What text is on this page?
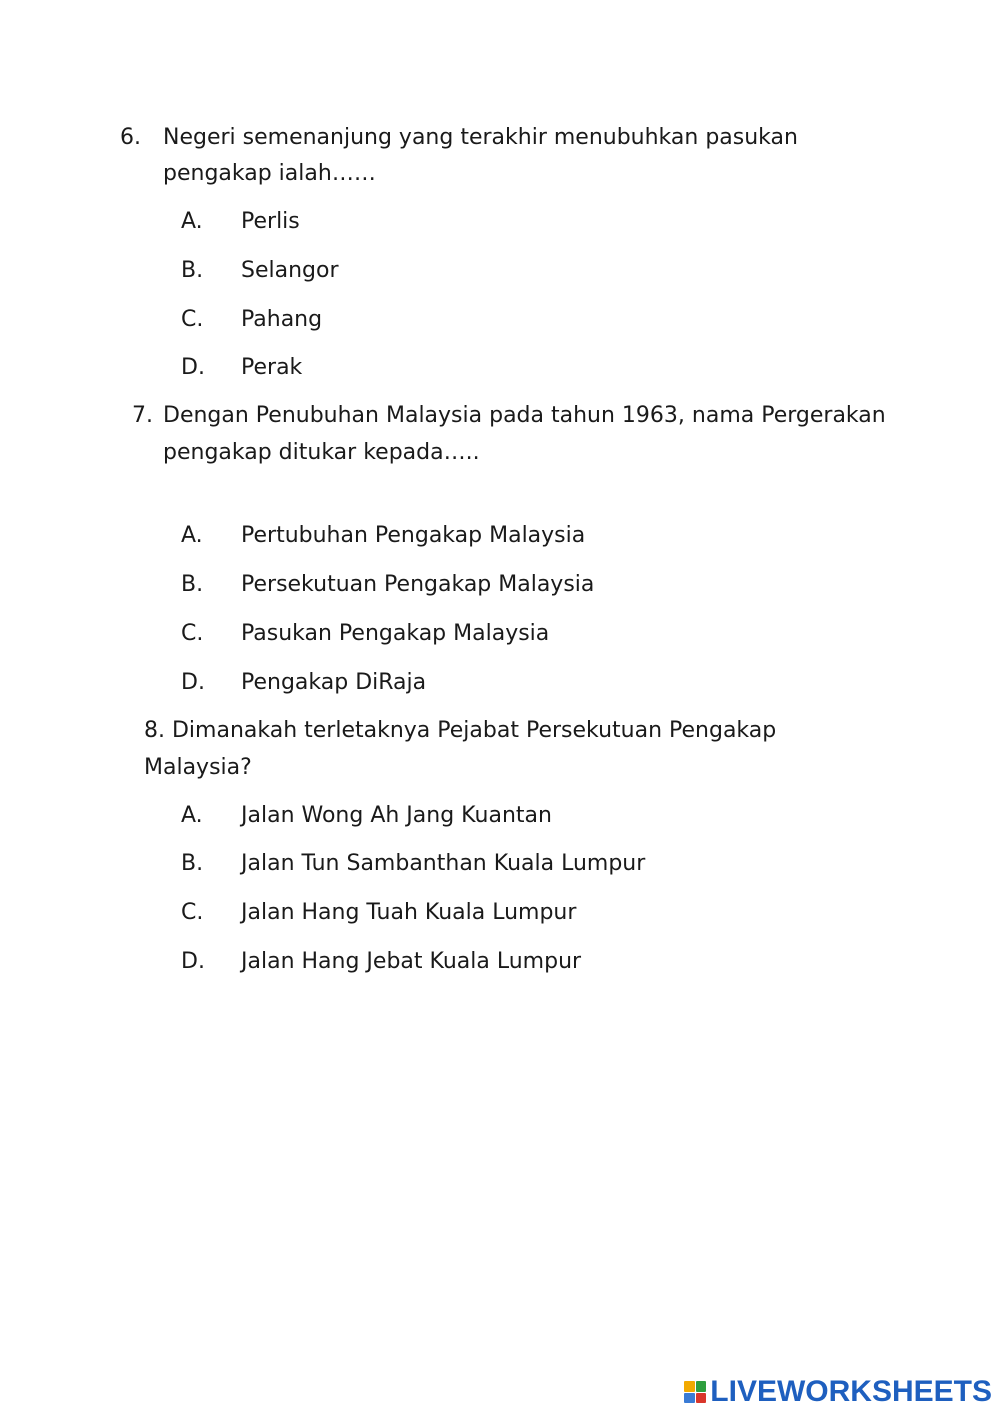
6. Negeri semenanjung yang terakhir menubuhkan pasukan
pengakap ialah……
A. Perlis
B. Selangor
C. Pahang
D. Perak
7. Dengan Penubuhan Malaysia pada tahun 1963, nama Pergerakan
pengakap ditukar kepada…..
A. Pertubuhan Pengakap Malaysia
B. Persekutuan Pengakap Malaysia
C. Pasukan Pengakap Malaysia
D. Pengakap DiRaja
8. Dimanakah terletaknya Pejabat Persekutuan Pengakap
Malaysia?
A. Jalan Wong Ah Jang Kuantan
B. Jalan Tun Sambanthan Kuala Lumpur
C. Jalan Hang Tuah Kuala Lumpur
D. Jalan Hang Jebat Kuala Lumpur
LIVEWORKSHEETS
